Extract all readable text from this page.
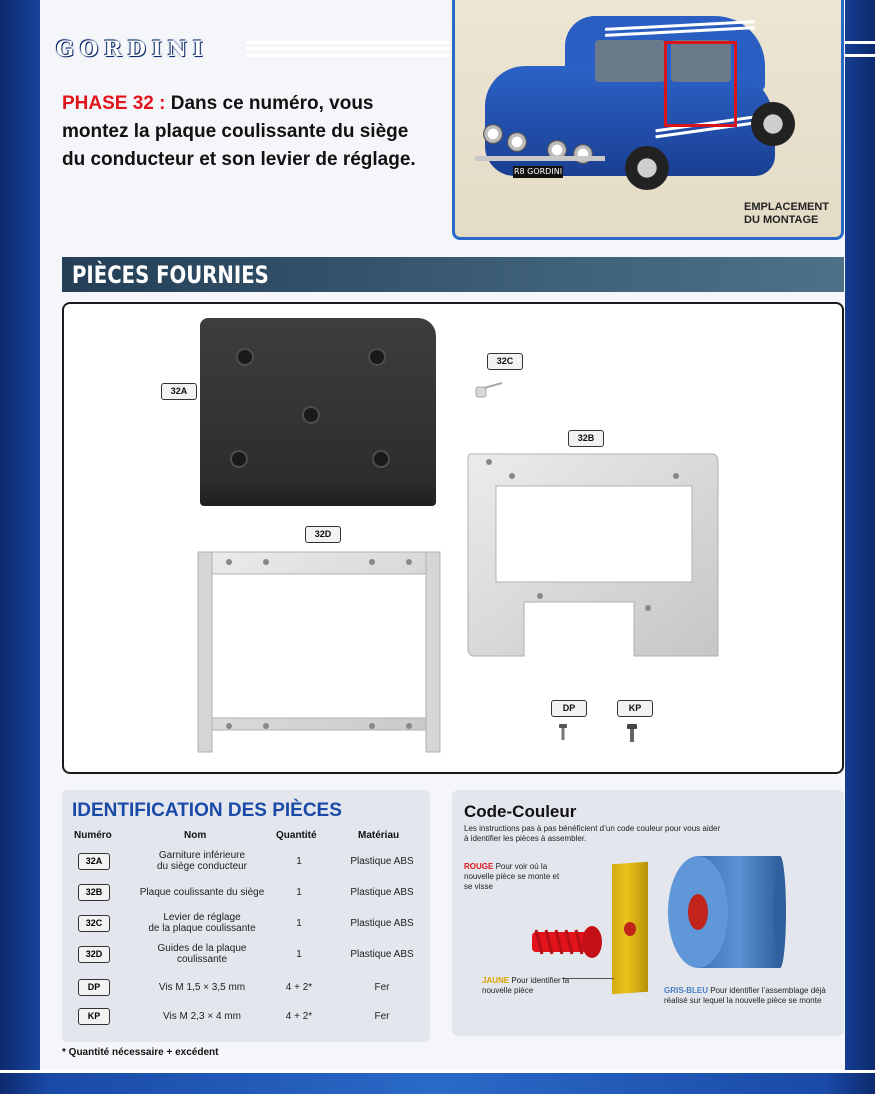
GORDINI
PHASE 32 : Dans ce numéro, vous montez la plaque coulissante du siège du conducteur et son levier de réglage.
R8 GORDINI
EMPLACEMENT
DU MONTAGE
PIÈCES FOURNIES
32A
32C
32B
32D
DP	KP
IDENTIFICATION DES PIÈCES
Numéro	Nom	Quantité	Matériau
32A	Garniture inférieure
du siège conducteur	1	Plastique ABS
32B	Plaque coulissante du siège	1	Plastique ABS
32C	Levier de réglage
de la plaque coulissante	1	Plastique ABS
32D	Guides de la plaque
coulissante	1	Plastique ABS
DP	Vis M 1,5 × 3,5 mm	4 + 2*	Fer
KP	Vis M 2,3 × 4 mm	4 + 2*	Fer
* Quantité nécessaire + excédent
Code-Couleur
Les instructions pas à pas bénéficient d’un code couleur pour vous aider à identifier les pièces à assembler.
ROUGE Pour voir où la nouvelle pièce se monte et se visse
JAUNE Pour identifier la nouvelle pièce	GRIS-BLEU Pour identifier l’assemblage déjà réalisé sur lequel la nouvelle pièce se monte
